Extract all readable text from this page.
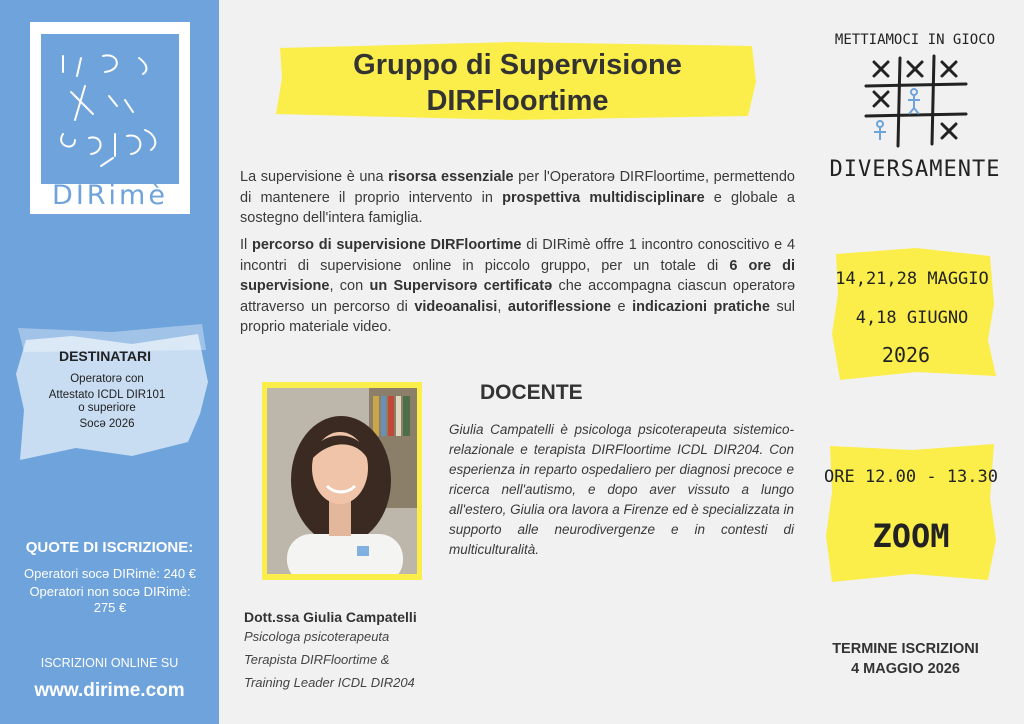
DIRimè
DESTINATARI
Operatorə con
Attestato ICDL DIR101
o superiore
Socə 2026
QUOTE DI ISCRIZIONE:
Operatori socə DIRimè: 240 €
Operatori non socə DIRimè:
275 €
ISCRIZIONI ONLINE SU
www.dirime.com
Gruppo di Supervisione
DIRFloortime
La supervisione è una risorsa essenziale per l'Operatorə DIRFloortime, permettendo di mantenere il proprio intervento in prospettiva multidisciplinare e globale a sostegno dell'intera famiglia.
Il percorso di supervisione DIRFloortime di DIRimè offre 1 incontro conoscitivo e 4 incontri di supervisione online in piccolo gruppo, per un totale di 6 ore di supervisione, con un Supervisorə certificatə che accompagna ciascun operatorə attraverso un percorso di videoanalisi, autoriflessione e indicazioni pratiche sul proprio materiale video.
DOCENTE
Giulia Campatelli è psicologa psicoterapeuta sistemico-relazionale e terapista DIRFloortime ICDL DIR204. Con esperienza in reparto ospedaliero per diagnosi precoce e ricerca nell'autismo, e dopo aver vissuto a lungo all'estero, Giulia ora lavora a Firenze ed è specializzata in supporto alle neurodivergenze e in contesti di multiculturalità.
Dott.ssa Giulia Campatelli
Psicologa psicoterapeuta
Terapista DIRFloortime &
Training Leader ICDL DIR204
METTIAMOCI IN GIOCO
DIVERSAMENTE
14,21,28 MAGGIO
4,18 GIUGNO
2026
ORE 12.00 - 13.30
ZOOM
TERMINE ISCRIZIONI
4 MAGGIO 2026
